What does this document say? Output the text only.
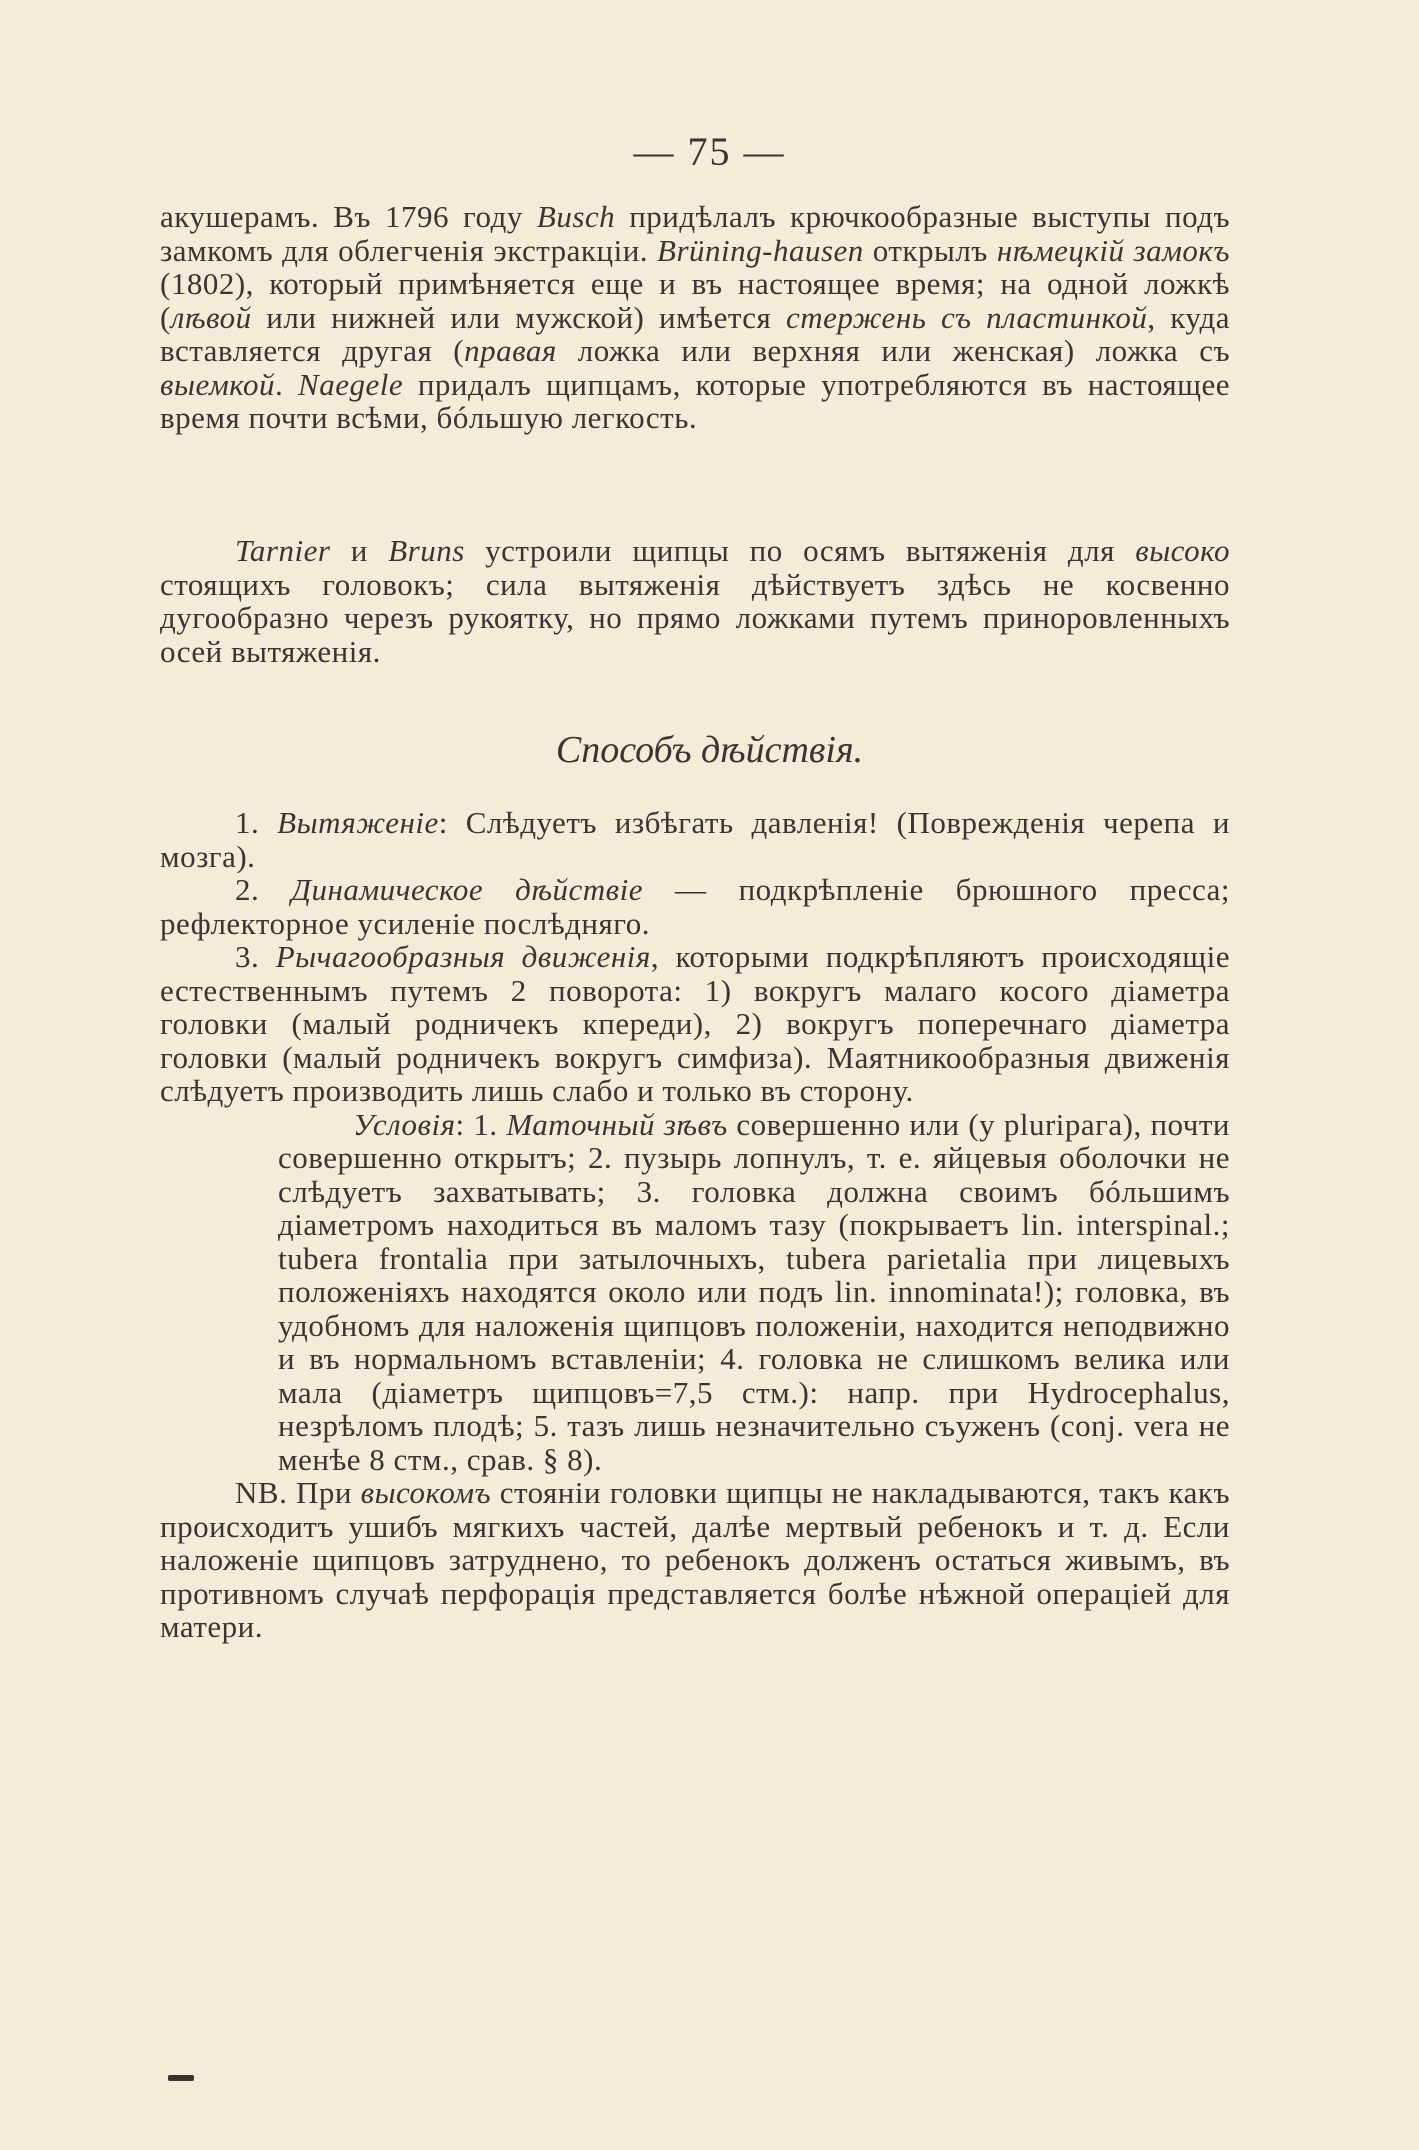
— 75 —

акушерамъ. Въ 1796 году Busch придѣлалъ крючкообразные выступы подъ замкомъ для облегченія экстракціи. Brüning-hausen открылъ нѣмецкій замокъ (1802), который примѣняется еще и въ настоящее время; на одной ложкѣ (лѣвой или нижней или мужской) имѣется стержень съ пластинкой, куда вставляется другая (правая ложка или верхняя или женская) ложка съ выемкой. Naegele придалъ щипцамъ, которые употребляются въ настоящее время почти всѣми, бóльшую легкость.

Tarnier и Bruns устроили щипцы по осямъ вытяженія для высоко стоящихъ головокъ; сила вытяженія дѣйствуетъ здѣсь не косвенно дугообразно черезъ рукоятку, но прямо ложками путемъ приноровленныхъ осей вытяженія.

Способъ дѣйствія.

1. Вытяженіе: Слѣдуетъ избѣгать давленія! (Поврежденія черепа и мозга).

2. Динамическое дѣйствіе — подкрѣпленіе брюшного пресса; рефлекторное усиленіе послѣдняго.

3. Рычагообразныя движенія, которыми подкрѣпляютъ происходящіе естественнымъ путемъ 2 поворота: 1) вокругъ малаго косого діаметра головки (малый родничекъ кпереди), 2) вокругъ поперечнаго діаметра головки (малый родничекъ вокругъ симфиза). Маятникообразныя движенія слѣдуетъ производить лишь слабо и только въ сторону.

Условія: 1. Маточный зѣвъ совершенно или (у plurірага), почти совершенно открытъ; 2. пузырь лопнулъ, т. е. яйцевыя оболочки не слѣдуетъ захватывать; 3. головка должна своимъ бóльшимъ діаметромъ находиться въ маломъ тазу (покрываетъ lin. interspinal.; tubera frontalia при затылочныхъ, tubera parietalia при лицевыхъ положеніяхъ находятся около или подъ lin. innominata!); головка, въ удобномъ для наложенія щипцовъ положеніи, находится неподвижно и въ нормальномъ вставленіи; 4. головка не слишкомъ велика или мала (діаметръ щипцовъ=7,5 стм.): напр. при Hydrocephalus, незрѣломъ плодѣ; 5. тазъ лишь незначительно съуженъ (conj. vera не менѣе 8 стм., срав. § 8).

NB. При высокомъ стояніи головки щипцы не накладываются, такъ какъ происходитъ ушибъ мягкихъ частей, далѣе мертвый ребенокъ и т. д. Если наложеніе щипцовъ затруднено, то ребенокъ долженъ остаться живымъ, въ противномъ случаѣ перфорація представляется болѣе нѣжной операціей для матери.
